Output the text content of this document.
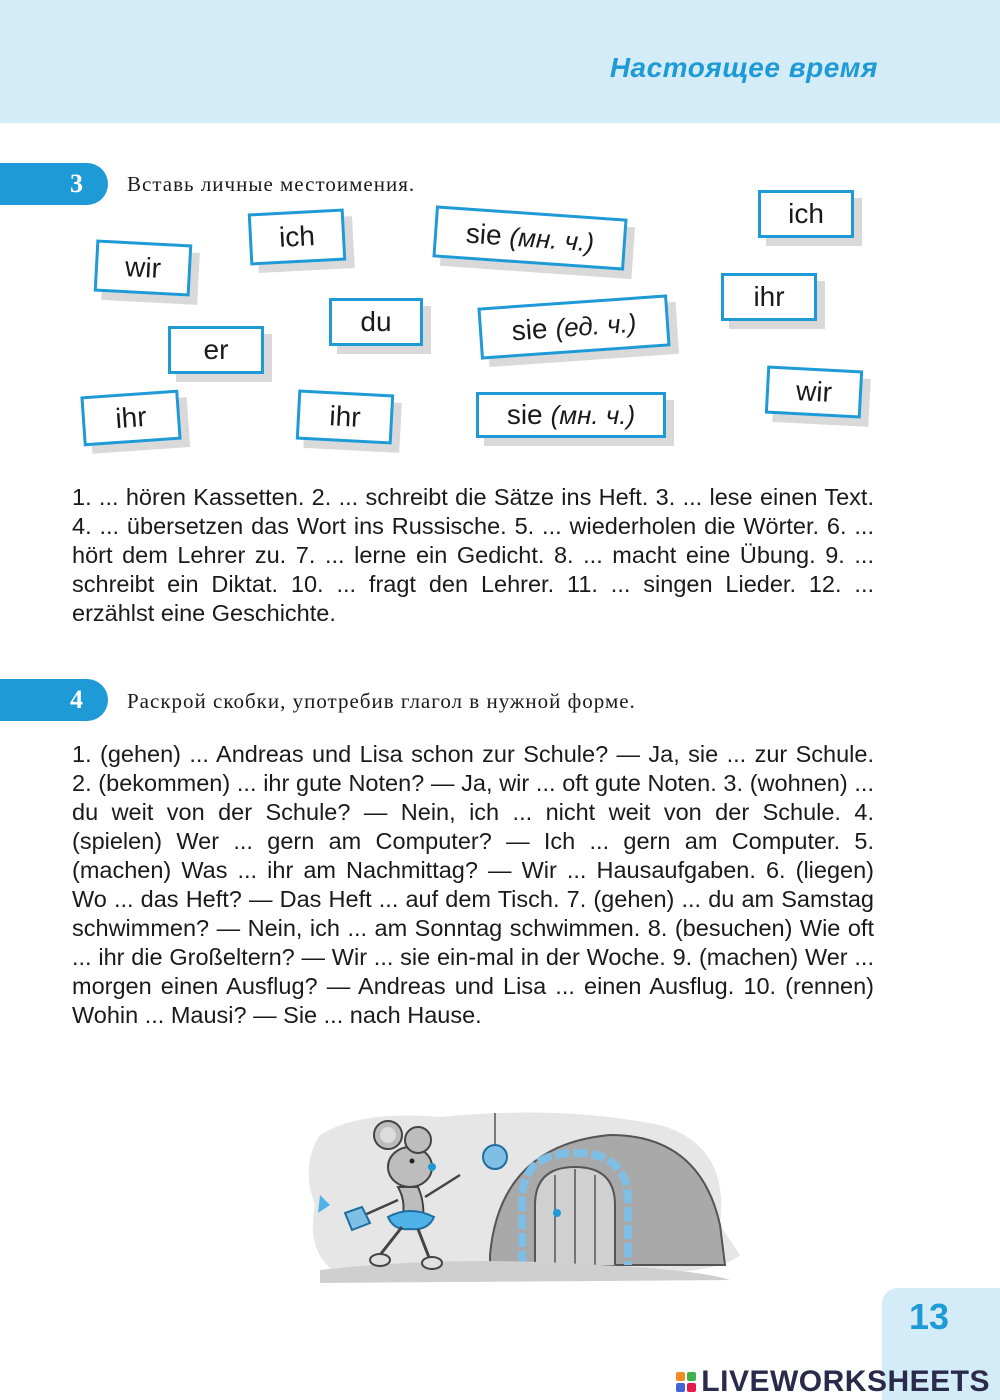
Настоящее время
3	Вставь личные местоимения.
wir
ich	sie (мн. ч.)
ich
ihr
du
er
sie (ед. ч.)
wir
ihr	ihr	sie (мн. ч.)
1. ... hören Kassetten. 2. ... schreibt die Sätze ins Heft. 3. ... lese einen Text. 4. ... übersetzen das Wort ins Russische. 5. ... wiederholen die Wörter. 6. ... hört dem Lehrer zu. 7. ... lerne ein Gedicht. 8. ... macht eine Übung. 9. ... schreibt ein Diktat. 10. ... fragt den Lehrer. 11. ... singen Lieder. 12. ... erzählst eine Geschichte.
4	Раскрой скобки, употребив глагол в нужной форме.
1. (gehen) ... Andreas und Lisa schon zur Schule? — Ja, sie ... zur Schule. 2. (bekommen) ... ihr gute Noten? — Ja, wir ... oft gute Noten. 3. (wohnen) ... du weit von der Schule? — Nein, ich ... nicht weit von der Schule. 4. (spielen) Wer ... gern am Computer? — Ich ... gern am Computer. 5. (machen) Was ... ihr am Nachmittag? — Wir ... Hausaufgaben. 6. (liegen) Wo ... das Heft? — Das Heft ... auf dem Tisch. 7. (gehen) ... du am Samstag schwimmen? — Nein, ich ... am Sonntag schwimmen. 8. (besuchen) Wie oft ... ihr die Großeltern? — Wir ... sie ein-mal in der Woche. 9. (machen) Wer ... morgen einen Ausflug? — Andreas und Lisa ... einen Ausflug. 10. (rennen) Wohin ... Mausi? — Sie ... nach Hause.
13
LIVEWORKSHEETS
